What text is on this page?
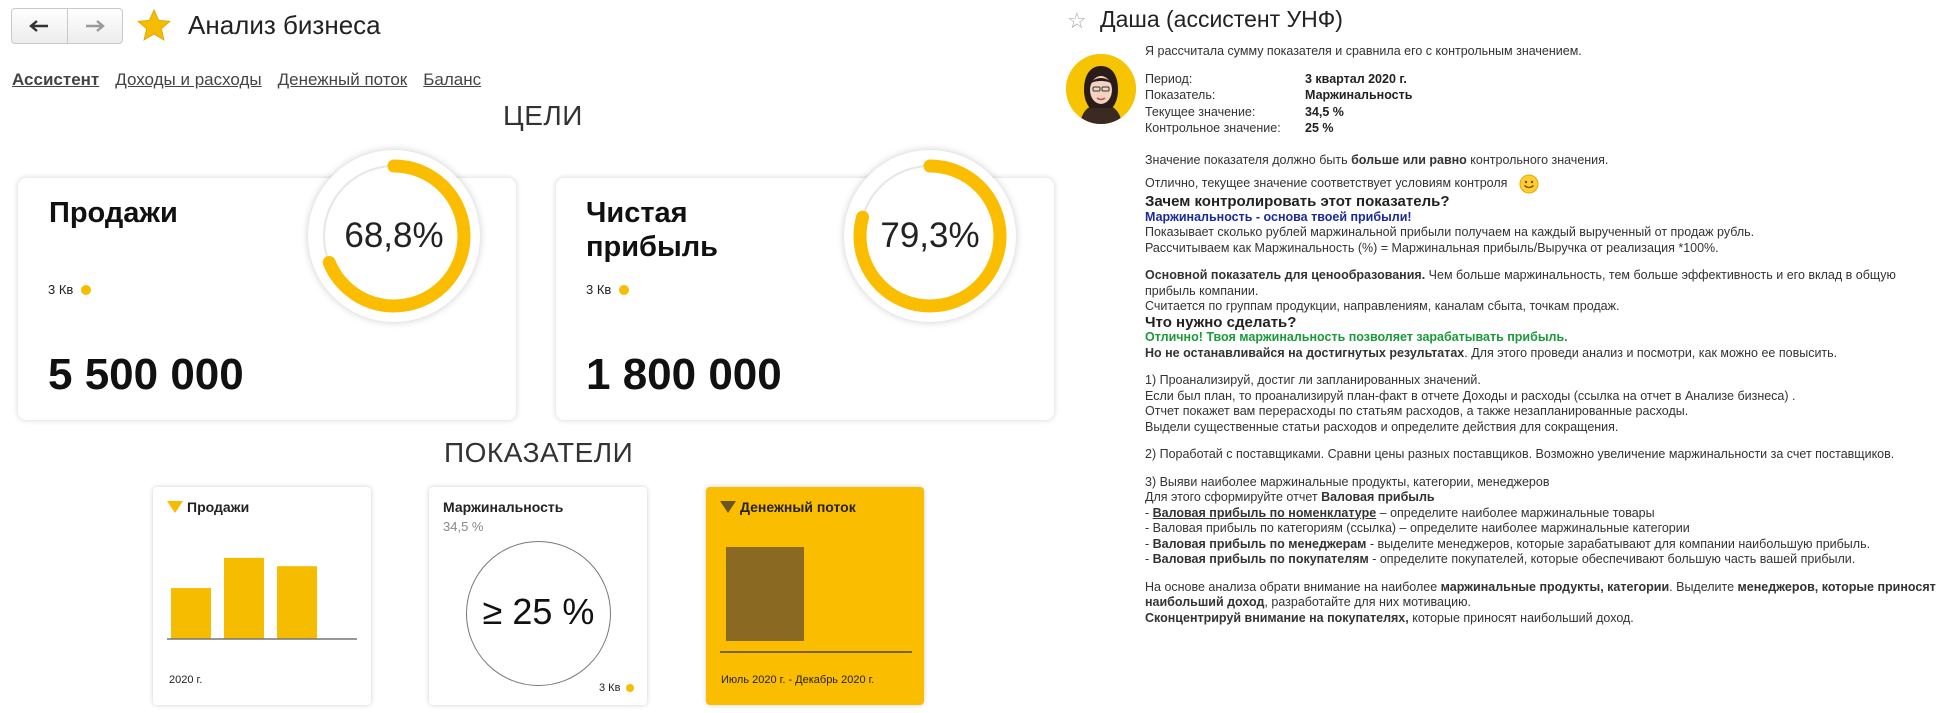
Анализ бизнеса
Ассистент Доходы и расходы Денежный поток Баланс
ЦЕЛИ
Продажи
3 Кв
5 500 000
68,8%
Чистая прибыль
3 Кв
1 800 000
79,3%
ПОКАЗАТЕЛИ
Продажи
2020 г.
Маржинальность
34,5 %
≥ 25 %
3 Кв
Денежный поток
Июль 2020 г. - Декабрь 2020 г.
☆ Даша (ассистент УНФ)

Я рассчитала сумму показателя и сравнила его с контрольным значением.

Период:	3 квартал 2020 г.
Показатель:	Маржинальность
Текущее значение:	34,5 %
Контрольное значение:	25 %

Значение показателя должно быть больше или равно контрольного значения.

Отлично, текущее значение соответствует условиям контроля

Зачем контролировать этот показатель?

Маржинальность - основа твоей прибыли!

Показывает сколько рублей маржинальной прибыли получаем на каждый вырученный от продаж рубль.

Рассчитываем как Маржинальность (%) = Маржинальная прибыль/Выручка от реализация *100%.

Основной показатель для ценообразования. Чем больше маржинальность, тем больше эффективность и его вклад в общую прибыль компании.

Считается по группам продукции, направлениям, каналам сбыта, точкам продаж.

Что нужно сделать?

Отлично! Твоя маржинальность позволяет зарабатывать прибыль.

Но не останавливайся на достигнутых результатах. Для этого проведи анализ и посмотри, как можно ее повысить.

1) Проанализируй, достиг ли запланированных значений.

Если был план, то проанализируй план-факт в отчете Доходы и расходы (ссылка на отчет в Анализе бизнеса) .

Отчет покажет вам перерасходы по статьям расходов, а также незапланированные расходы.

Выдели существенные статьи расходов и определите действия для сокращения.

2) Поработай с поставщиками. Сравни цены разных поставщиков. Возможно увеличение маржинальности за счет поставщиков.

3) Выяви наиболее маржинальные продукты, категории, менеджеров

Для этого сформируйте отчет Валовая прибыль

- Валовая прибыль по номенклатуре – определите наиболее маржинальные товары

- Валовая прибыль по категориям (ссылка) – определите наиболее маржинальные категории

- Валовая прибыль по менеджерам - выделите менеджеров, которые зарабатывают для компании наибольшую прибыль.

- Валовая прибыль по покупателям - определите покупателей, которые обеспечивают большую часть вашей прибыли.

На основе анализа обрати внимание на наиболее маржинальные продукты, категории. Выделите менеджеров, которые приносят наибольший доход, разработайте для них мотивацию.

Сконцентрируй внимание на покупателях, которые приносят наибольший доход.
